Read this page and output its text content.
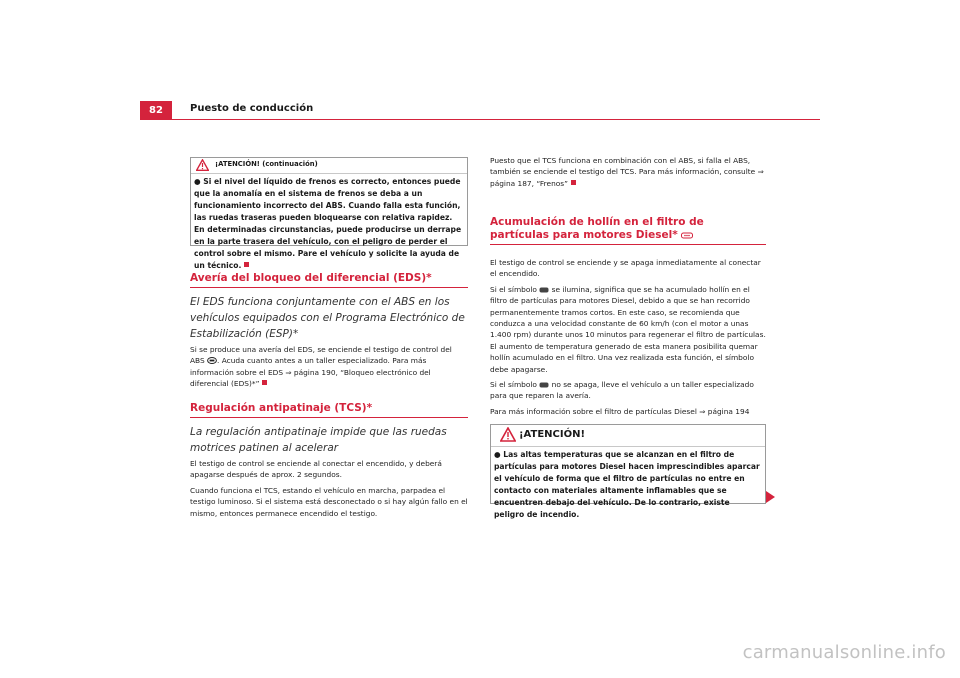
82	Puesto de conducción
¡ATENCIÓN! (continuación)

● Si el nivel del líquido de frenos es correcto, entonces puede que la anomalía en el sistema de frenos se deba a un funcionamiento incorrecto del ABS. Cuando falla esta función, las ruedas traseras pueden bloquearse con relativa rapidez. En determinadas circunstancias, puede producirse un derrape en la parte trasera del vehículo, con el peligro de perder el control sobre el mismo. Pare el vehículo y solicite la ayuda de un técnico.

Avería del bloqueo del diferencial (EDS)*
El EDS funciona conjuntamente con el ABS en los vehículos equipados con el Programa Electrónico de Estabilización (ESP)*

Si se produce una avería del EDS, se enciende el testigo de control del ABS . Acuda cuanto antes a un taller especializado. Para más información sobre el EDS ⇒ página 190, “Bloqueo electrónico del diferencial (EDS)*”

Regulación antipatinaje (TCS)*
La regulación antipatinaje impide que las ruedas motrices patinen al acelerar

El testigo de control se enciende al conectar el encendido, y deberá apagarse después de aprox. 2 segundos.

Cuando funciona el TCS, estando el vehículo en marcha, parpadea el testigo luminoso. Si el sistema está desconectado o si hay algún fallo en el mismo, entonces permanece encendido el testigo.

Puesto que el TCS funciona en combinación con el ABS, si falla el ABS, también se enciende el testigo del TCS. Para más información, consulte ⇒ página 187, “Frenos”

Acumulación de hollín en el filtro de partículas para motores Diesel*

El testigo de control se enciende y se apaga inmediatamente al conectar el encendido.

Si el símbolo  se ilumina, significa que se ha acumulado hollín en el filtro de partículas para motores Diesel, debido a que se han recorrido permanentemente tramos cortos. En este caso, se recomienda que conduzca a una velocidad constante de 60 km/h (con el motor a unas 1.400 rpm) durante unos 10 minutos para regenerar el filtro de partículas. El aumento de temperatura generado de esta manera posibilita quemar hollín acumulado en el filtro. Una vez realizada esta función, el símbolo debe apagarse.

Si el símbolo  no se apaga, lleve el vehículo a un taller especializado para que reparen la avería.

Para más información sobre el filtro de partículas Diesel ⇒ página 194

¡ATENCIÓN!

● Las altas temperaturas que se alcanzan en el filtro de partículas para motores Diesel hacen imprescindibles aparcar el vehículo de forma que el filtro de partículas no entre en contacto con materiales altamente inflamables que se encuentren debajo del vehículo. De lo contrario, existe peligro de incendio.

carmanualsonline.info
